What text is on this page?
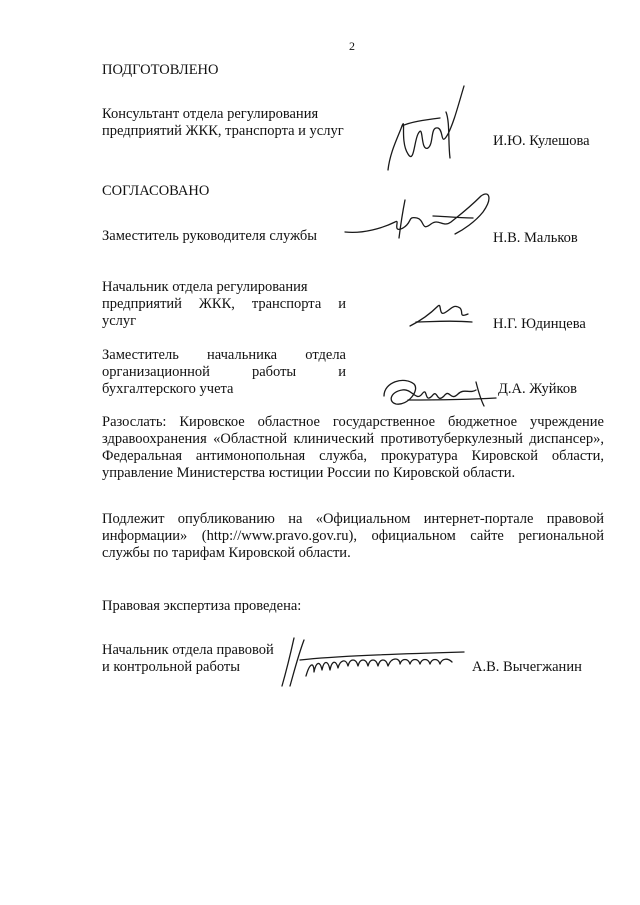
2
ПОДГОТОВЛЕНО
Консультант отдела регулирования
предприятий ЖКК, транспорта и услуг
И.Ю. Кулешова
СОГЛАСОВАНО
Заместитель руководителя службы	Н.В. Мальков
Начальник отдела регулирования
предприятий ЖКК, транспорта и
услуг	Н.Г. Юдинцева
Заместитель начальника отдела
организационной работы и
бухгалтерского учета	Д.А. Жуйков
Разослать: Кировское областное государственное бюджетное учреждение здравоохранения «Областной клинический противотуберкулезный диспансер», Федеральная антимонопольная служба, прокуратура Кировской области, управление Министерства юстиции России по Кировской области.
Подлежит опубликованию на «Официальном интернет-портале правовой информации» (http://www.pravo.gov.ru), официальном сайте региональной службы по тарифам Кировской области.
Правовая экспертиза проведена:
Начальник отдела правовой
и контрольной работы	А.В. Вычегжанин
